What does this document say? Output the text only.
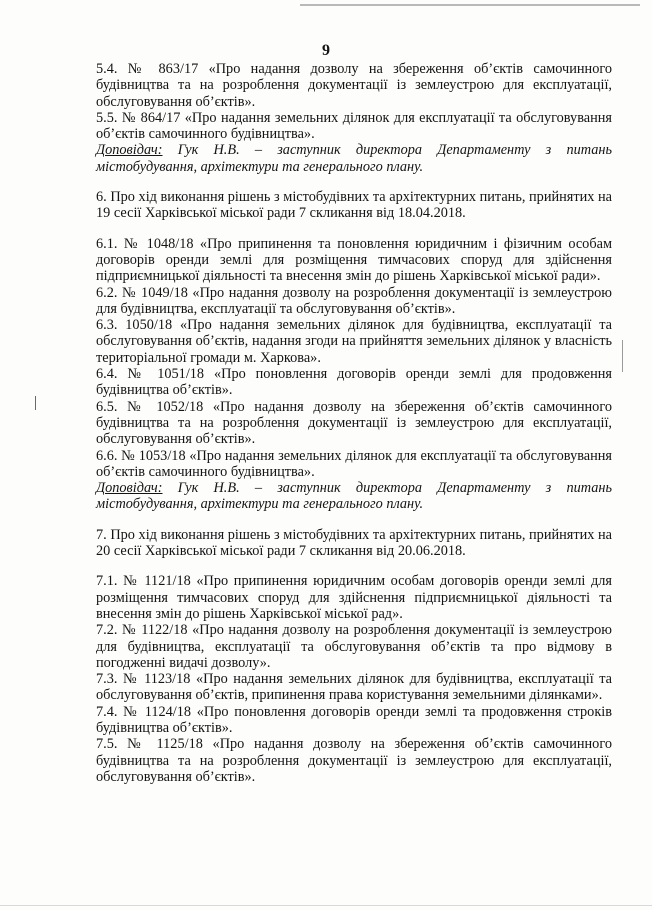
9

5.4. № 863/17 «Про надання дозволу на збереження об’єктів самочинного будівництва та на розроблення документації із землеустрою для експлуатації, обслуговування об’єктів».

5.5. № 864/17 «Про надання земельних ділянок для експлуатації та обслуговування об’єктів самочинного будівництва».

Доповідач: Гук Н.В. – заступник директора Департаменту з питань містобудування, архітектури та генерального плану.

6. Про хід виконання рішень з містобудівних та архітектурних питань, прийнятих на 19 сесії Харківської міської ради 7 скликання від 18.04.2018.

6.1. № 1048/18 «Про припинення та поновлення юридичним і фізичним особам договорів оренди землі для розміщення тимчасових споруд для здійснення підприємницької діяльності та внесення змін до рішень Харківської міської ради».

6.2. № 1049/18 «Про надання дозволу на розроблення документації із землеустрою для будівництва, експлуатації та обслуговування об’єктів».

6.3. 1050/18 «Про надання земельних ділянок для будівництва, експлуатації та обслуговування об’єктів, надання згоди на прийняття земельних ділянок у власність територіальної громади м. Харкова».

6.4. № 1051/18 «Про поновлення договорів оренди землі для продовження будівництва об’єктів».

6.5. № 1052/18 «Про надання дозволу на збереження об’єктів самочинного будівництва та на розроблення документації із землеустрою для експлуатації, обслуговування об’єктів».

6.6. № 1053/18 «Про надання земельних ділянок для експлуатації та обслуговування об’єктів самочинного будівництва».

Доповідач: Гук Н.В. – заступник директора Департаменту з питань містобудування, архітектури та генерального плану.

7. Про хід виконання рішень з містобудівних та архітектурних питань, прийнятих на 20 сесії Харківської міської ради 7 скликання від 20.06.2018.

7.1. № 1121/18 «Про припинення юридичним особам договорів оренди землі для розміщення тимчасових споруд для здійснення підприємницької діяльності та внесення змін до рішень Харківської міської рад».

7.2. № 1122/18 «Про надання дозволу на розроблення документації із землеустрою для будівництва, експлуатації та обслуговування об’єктів та про відмову в погодженні видачі дозволу».

7.3. № 1123/18 «Про надання земельних ділянок для будівництва, експлуатації та обслуговування об’єктів, припинення права користування земельними ділянками».

7.4. № 1124/18 «Про поновлення договорів оренди землі та продовження строків будівництва об’єктів».

7.5. № 1125/18 «Про надання дозволу на збереження об’єктів самочинного будівництва та на розроблення документації із землеустрою для експлуатації, обслуговування об’єктів».
